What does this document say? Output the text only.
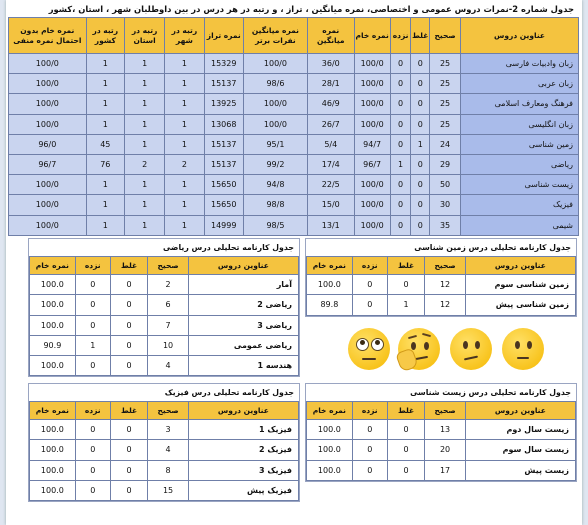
جدول شماره 2-نمرات دروس عمومی و اختصاصی، نمره میانگین ، تراز ، و رتبه در هر درس در بین داوطلبان شهر ، استان ،کشور
عناوین دروس	صحیح	غلط	نزده	نمره خام	نمره میانگین	نمره میانگین نفرات برتر	نمره تراز	رتبه در شهر	رتبه در استان	رتبه در کشور	نمره خام بدون احتمال نمره منفی
زبان وادبیات فارسی	25	0	0	100/0	36/0	100/0	15329	1	1	1	100/0
زبان عربی	25	0	0	100/0	28/1	98/6	15137	1	1	1	100/0
فرهنگ ومعارف اسلامی	25	0	0	100/0	46/9	100/0	13925	1	1	1	100/0
زبان انگلیسی	25	0	0	100/0	26/7	100/0	13068	1	1	1	100/0
زمین شناسی	24	1	0	94/7	5/4	95/1	15137	1	1	45	96/0
ریاضی	29	0	1	96/7	17/4	99/2	15137	2	2	76	96/7
زیست شناسی	50	0	0	100/0	22/5	94/8	15650	1	1	1	100/0
فیزیک	30	0	0	100/0	15/0	98/8	15650	1	1	1	100/0
شیمی	35	0	0	100/0	13/1	98/5	14999	1	1	1	100/0
جدول کارنامه تحلیلی درس ریاضی
عناوین دروس	صحیح	غلط	نزده	نمره خام
آمار	2	0	0	100.0
ریاضی 2	6	0	0	100.0
ریاضی 3	7	0	0	100.0
ریاضی عمومی	10	0	1	90.9
هندسه 1	4	0	0	100.0
جدول کارنامه تحلیلی درس زمین شناسی
عناوین دروس	صحیح	غلط	نزده	نمره خام
زمین شناسی سوم	12	0	0	100.0
زمین شناسی پیش	12	1	0	89.8
جدول کارنامه تحلیلی درس فیزیک
عناوین دروس	صحیح	غلط	نزده	نمره خام
فیزیک 1	3	0	0	100.0
فیزیک 2	4	0	0	100.0
فیزیک 3	8	0	0	100.0
فیزیک پیش	15	0	0	100.0
جدول کارنامه تحلیلی درس زیست شناسی
عناوین دروس	صحیح	غلط	نزده	نمره خام
زیست سال دوم	13	0	0	100.0
زیست سال سوم	20	0	0	100.0
زیست پیش	17	0	0	100.0
